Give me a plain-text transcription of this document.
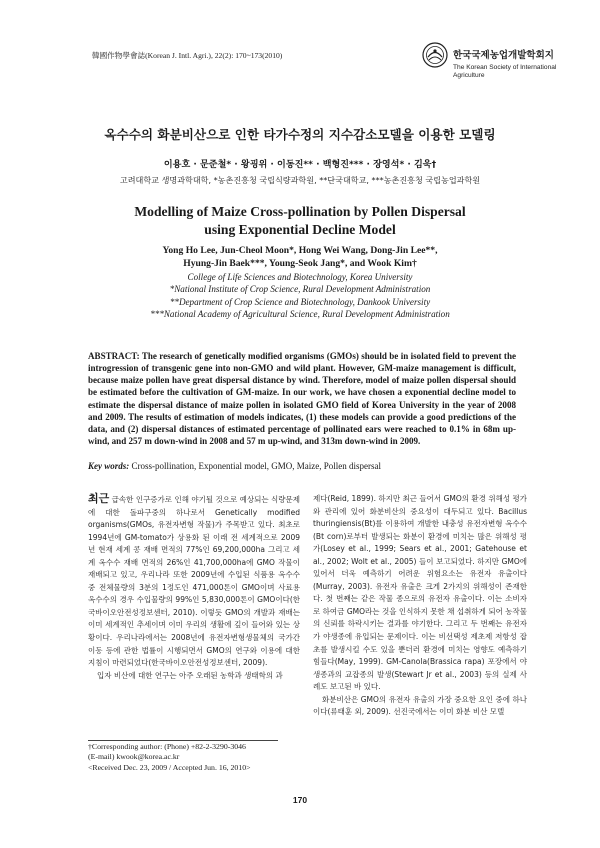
韓國作物學會誌(Korean J. Intl. Agri.), 22(2): 170~173(2010)	한국국제농업개발학회지
The Korean Society of International Agriculture
옥수수의 화분비산으로 인한 타가수정의 지수감소모델을 이용한 모델링
이용호 · 문준철* · 왕굉위 · 이동진** · 백형진*** · 장영석* · 김욱†
고려대학교 생명과학대학, *농촌진흥청 국립식량과학원, **단국대학교, ***농촌진흥청 국립농업과학원
Modelling of Maize Cross-pollination by Pollen Dispersal
using Exponential Decline Model
Yong Ho Lee, Jun-Cheol Moon*, Hong Wei Wang, Dong-Jin Lee**,
Hyung-Jin Baek***, Young-Seok Jang*, and Wook Kim†
College of Life Sciences and Biotechnology, Korea University
*National Institute of Crop Science, Rural Development Administration
**Department of Crop Science and Biotechnology, Dankook University
***National Academy of Agricultural Science, Rural Development Administration
ABSTRACT: The research of genetically modified organisms (GMOs) should be in isolated field to prevent the introgression of transgenic gene into non-GMO and wild plant. However, GM-maize management is difficult, because maize pollen have great dispersal distance by wind. Therefore, model of maize pollen dispersal should be estimated before the cultivation of GM-maize. In our work, we have chosen a exponential decline model to estimate the dispersal distance of maize pollen in isolated GMO field of Korea University in the year of 2008 and 2009. The results of estimation of models indicates, (1) these models can provide a good predictions of the data, and (2) dispersal distances of estimated percentage of pollinated ears were reached to 0.1% in 68m up-wind, and 257 m down-wind in 2008 and 57 m up-wind, and 313m down-wind in 2009.
Key words: Cross-pollination, Exponential model, GMO, Maize, Pollen dispersal
최근 급속한 인구증가로 인해 야기될 것으로 예상되는 식량문제에 대한 돌파구중의 하나로서 Genetically modified organisms(GMOs, 유전자변형 작물)가 주목받고 있다. 최초로 1994년에 GM-tomato가 상용화 된 이래 전 세계적으로 2009년 현재 세계 콩 재배 면적의 77%인 69,200,000ha 그리고 세계 옥수수 재배 면적의 26%인 41,700,000ha에 GMO 작물이 재배되고 있고, 우리나라 또한 2009년에 수입된 식품용 옥수수 중 전체물량의 3분의 1정도인 471,000톤이 GMO이며 사료용 옥수수의 경우 수입물량의 99%인 5,830,000톤이 GMO이다(한국바이오안전성정보센터, 2010). 이렇듯 GMO의 개발과 재배는 이미 세계적인 추세이며 이미 우리의 생활에 깊이 들어와 있는 상황이다. 우리나라에서는 2008년에 유전자변형생물체의 국가간 이동 등에 관한 법률이 시행되면서 GMO의 연구와 이용에 대한 지침이 마련되었다(한국바이오안전성정보센터, 2009).
입자 비산에 대한 연구는 아주 오래된 농학과 생태학의 과
제다(Reid, 1899). 하지만 최근 들어서 GMO의 환경 위해성 평가와 관리에 있어 화분비산의 중요성이 대두되고 있다. Bacillus thuringiensis(Bt)를 이용하여 개발한 내충성 유전자변형 옥수수(Bt corn)로부터 발생되는 화분이 환경에 미치는 많은 위해성 평가(Losey et al., 1999; Sears et al., 2001; Gatehouse et al., 2002; Wolt et al., 2005) 들이 보고되었다. 하지만 GMO에 있어서 더욱 예측하기 어려운 위험요소는 유전자 유출이다(Murray, 2003). 유전자 유출은 크게 2가지의 위해성이 존재한다. 첫 번째는 같은 작물 종으로의 유전자 유출이다. 이는 소비자로 하여금 GMO라는 것을 인식하지 못한 채 섭취하게 되어 농작물의 신뢰를 하락시키는 결과를 야기한다. 그리고 두 번째는 유전자가 야생종에 유입되는 문제이다. 이는 비선택성 제초제 저항성 잡초를 발생시킬 수도 있을 뿐더러 환경에 미치는 영향도 예측하기 힘들다(May, 1999). GM-Canola(Brassica rapa) 포장에서 야생종과의 교잡종의 발생(Stewart Jr et al., 2003) 등의 실제 사례도 보고된 바 있다.
화분비산은 GMO의 유전자 유출의 가장 중요한 요인 중에 하나이다(류태훈 외, 2009). 선진국에서는 이미 화분 비산 모델
†Corresponding author: (Phone) +82-2-3290-3046
(E-mail) kwook@korea.ac.kr
<Received Dec. 23, 2009 / Accepted Jun. 16, 2010>
170
